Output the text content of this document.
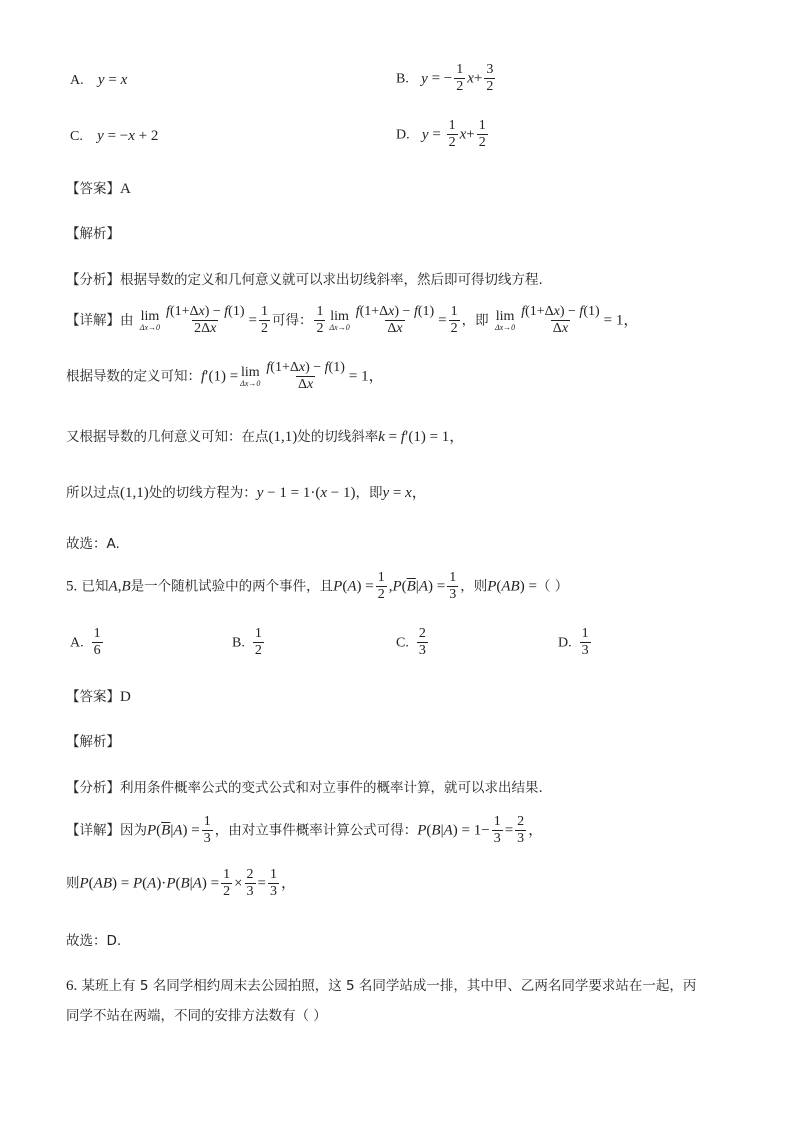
A. y = x	B. y = − $\frac{1}{2} x+ \frac{3}{2}$
C. y = −x + 2	D. $y = \frac{1}{2} x+ \frac{1}{2}$
【答案】A
【解析】
【分析】根据导数的定义和几何意义就可以求出切线斜率，然后即可得切线方程.
【详解】由 lim
$\Delta x\to 0 \frac{f(1+\Delta x) - f(1)}{2\Delta x} = \frac{1}{2}$ 可得： $\frac{1}{2}$ lim
$\Delta x\to 0 \frac{f(1+\Delta x) - f(1)}{\Delta x} = \frac{1}{2}$ ，即 lim
$\Delta x\to 0 \frac{f(1+\Delta x) - f(1)}{\Delta x} = 1$，
根据导数的定义可知：f′(1) = lim
$\Delta x\to 0 \frac{f(1+\Delta x) - f(1)}{\Delta x} = 1$，
又根据导数的几何意义可知：在点(1,1)处的切线斜率k = f′(1) = 1，
所以过点(1,1)处的切线方程为：y − 1 = 1·(x − 1)，即y = x，
故选：A.
5. 已知A,B是一个随机试验中的两个事件，且$P(A) = \frac{1}{2} ,P(\overline{B}|A) = \frac{1}{3}$ ，则P(AB) =（ ）
A. $\frac{1}{6}$	B. $\frac{1}{2}$	C. $\frac{2}{3}$	D. $\frac{1}{3}$
【答案】D
【解析】
【分析】利用条件概率公式的变式公式和对立事件的概率计算，就可以求出结果.
【详解】因为$P(\overline{B}|A) = \frac{1}{3}$ ，由对立事件概率计算公式可得：$P(B|A) = 1- \frac{1}{3} = \frac{2}{3}$ ，
则$P(AB) = P(A)\cdot P(B|A) = \frac{1}{2} \times \frac{2}{3} = \frac{1}{3}$ ，
故选：D.
6. 某班上有 5 名同学相约周末去公园拍照，这 5 名同学站成一排，其中甲、乙两名同学要求站在一起，丙
同学不站在两端，不同的安排方法数有（ ）
